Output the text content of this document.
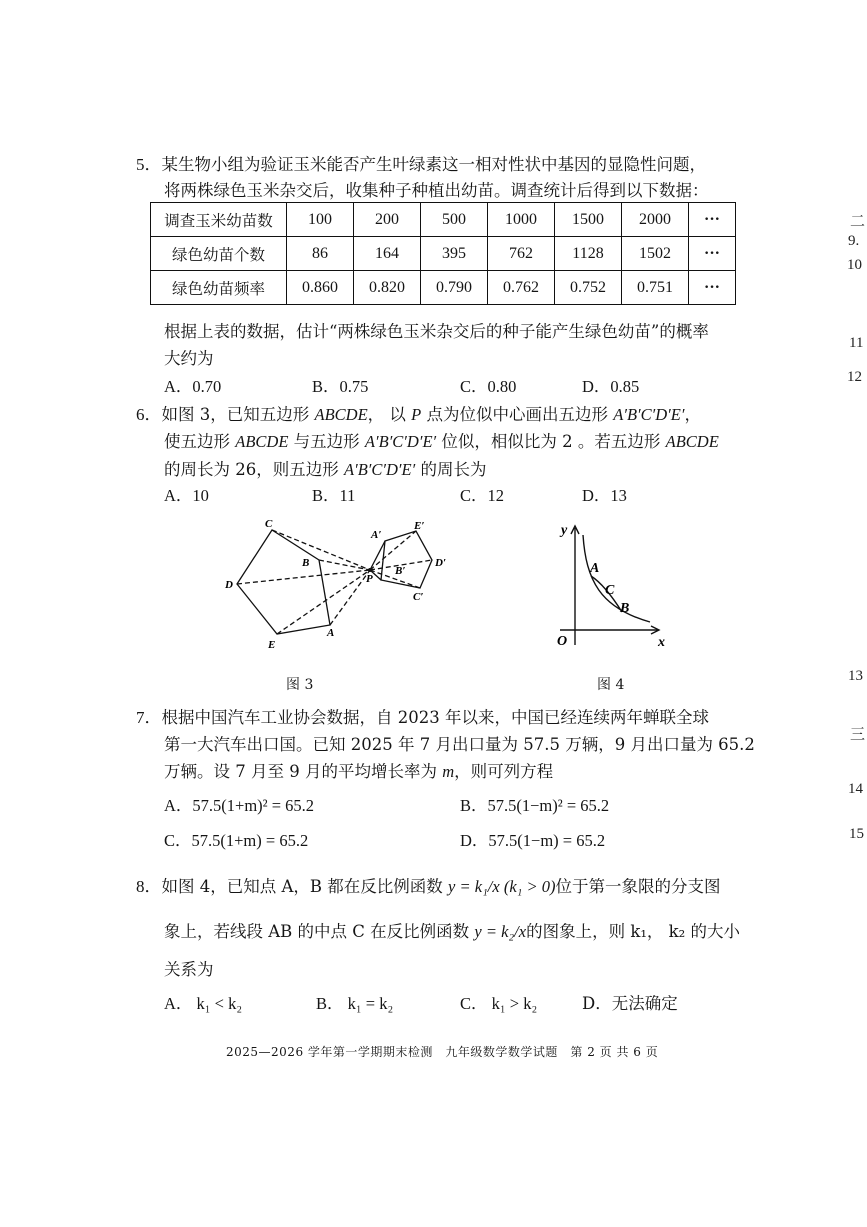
5．某生物小组为验证玉米能否产生叶绿素这一相对性状中基因的显隐性问题，
将两株绿色玉米杂交后，收集种子种植出幼苗。调查统计后得到以下数据：
调查玉米幼苗数	100	200	500	1000	1500	2000	···
绿色幼苗个数	86	164	395	762	1128	1502	···
绿色幼苗频率	0.860	0.820	0.790	0.762	0.752	0.751	···
根据上表的数据，估计“两株绿色玉米杂交后的种子能产生绿色幼苗”的概率
大约为
A．0.70	B．0.75	C．0.80	D．0.85
6．如图 3，已知五边形 ABCDE， 以 P 点为位似中心画出五边形 A′B′C′D′E′，
使五边形 ABCDE 与五边形 A′B′C′D′E′ 位似，相似比为 2 。若五边形 ABCDE
的周长为 26，则五边形 A′B′C′D′E′ 的周长为
A．10	B．11	C．12	D．13
C
B
D	P
A
E
A′
E′
D′
B′
C′
y
x
O
A
C
B
图 3	图 4
7．根据中国汽车工业协会数据，自 2023 年以来，中国已经连续两年蝉联全球
第一大汽车出口国。已知 2025 年 7 月出口量为 57.5 万辆，9 月出口量为 65.2
万辆。设 7 月至 9 月的平均增长率为 m，则可列方程
A．57.5(1+m)² = 65.2	B．57.5(1−m)² = 65.2
C．57.5(1+m) = 65.2	D．57.5(1−m) = 65.2
8．如图 4，已知点 A，B 都在反比例函数 y = k₁/x (k₁ > 0)位于第一象限的分支图
象上，若线段 AB 的中点 C 在反比例函数 y = k₂/x的图象上，则 k₁， k₂ 的大小
关系为
A． k₁ < k₂	B． k₁ = k₂	C． k₁ > k₂	D．无法确定
2025—2026 学年第一学期期末检测　九年级数学数学试题　第 2 页 共 6 页
二
9.
10
11
12
13
三
14
15
